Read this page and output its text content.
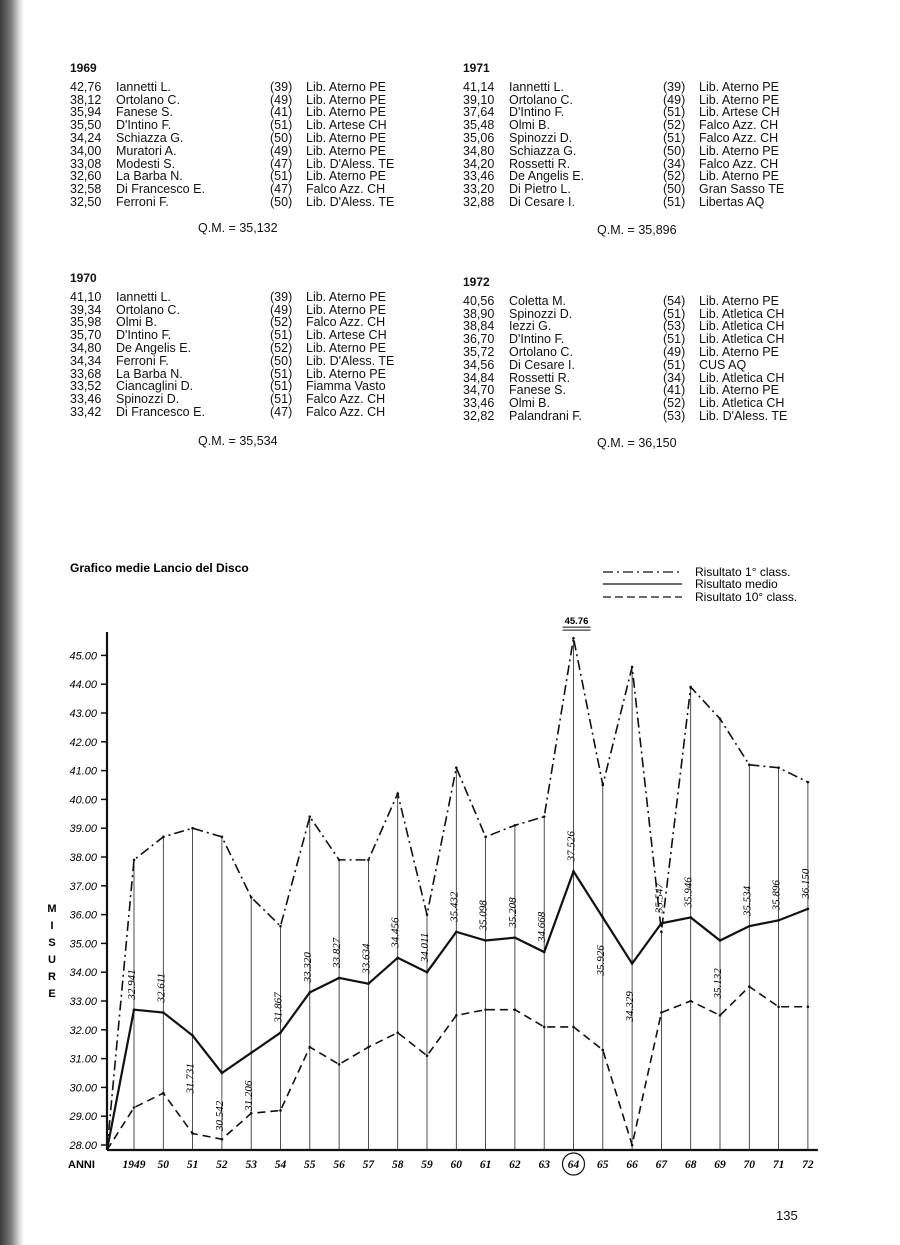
1969
42,76 Iannetti L.	(39) Lib. Aterno PE
38,12 Ortolano C.	(49) Lib. Aterno PE
35,94 Fanese S.	(41) Lib. Aterno PE
35,50 D'Intino F.	(51) Lib. Artese CH
34,24 Schiazza G.	(50) Lib. Aterno PE
34,00 Muratori A.	(49) Lib. Aterno PE
33,08 Modesti S.	(47) Lib. D'Aless. TE
32,60 La Barba N.	(51) Lib. Aterno PE
32,58 Di Francesco E.	(47) Falco Azz. CH
32,50 Ferroni F.	(50) Lib. D'Aless. TE
Q.M. = 35,132
1971
41,14 Iannetti L.	(39) Lib. Aterno PE
39,10 Ortolano C.	(49) Lib. Aterno PE
37,64 D'Intino F.	(51) Lib. Artese CH
35,48 Olmi B.	(52) Falco Azz. CH
35,06 Spinozzi D.	(51) Falco Azz. CH
34,80 Schiazza G.	(50) Lib. Aterno PE
34,20 Rossetti R.	(34) Falco Azz. CH
33,46 De Angelis E.	(52) Lib. Aterno PE
33,20 Di Pietro L.	(50) Gran Sasso TE
32,88 Di Cesare I.	(51) Libertas AQ
Q.M. = 35,896
1970
41,10 Iannetti L.	(39) Lib. Aterno PE
39,34 Ortolano C.	(49) Lib. Aterno PE
35,98 Olmi B.	(52) Falco Azz. CH
35,70 D'Intino F.	(51) Lib. Artese CH
34,80 De Angelis E.	(52) Lib. Aterno PE
34,34 Ferroni F.	(50) Lib. D'Aless. TE
33,68 La Barba N.	(51) Lib. Aterno PE
33,52 Ciancaglini D.	(51) Fiamma Vasto
33,46 Spinozzi D.	(51) Falco Azz. CH
33,42 Di Francesco E.	(47) Falco Azz. CH
Q.M. = 35,534
1972
40,56 Coletta M.	(54) Lib. Aterno PE
38,90 Spinozzi D.	(51) Lib. Atletica CH
38,84 Iezzi G.	(53) Lib. Atletica CH
36,70 D'Intino F.	(51) Lib. Atletica CH
35,72 Ortolano C.	(49) Lib. Aterno PE
34,56 Di Cesare I.	(51) CUS AQ
34,84 Rossetti R.	(34) Lib. Atletica CH
34,70 Fanese S.	(41) Lib. Aterno PE
33,46 Olmi B.	(52) Lib. Atletica CH
32,82 Palandrani F.	(53) Lib. D'Aless. TE
Q.M. = 36,150
Grafico medie Lancio del Disco	Risultato 1° class.
Risultato medio
Risultato 10° class.
28.00
29.00
30.00
31.00
32.00
33.00
34.00
35.00
36.00
37.00
38.00
39.00
40.00
41.00
42.00
43.00
44.00
45.00
M
I
S
U
R
E
ANNI 1949 50 51 52 53 54 55 56 57 58 59 60 61 62 63 64 65 66 67 68 69 70 71 72
32.941 32.611
31.731
30.542
31.206
31.867
33.320 33.827 33.634
34.456 34.011
35.432 35.098 35.208 34.668
37.526
35.926
34.329
35.547 35.946
35.132
35.534 35.896 36.150
45.76
135
